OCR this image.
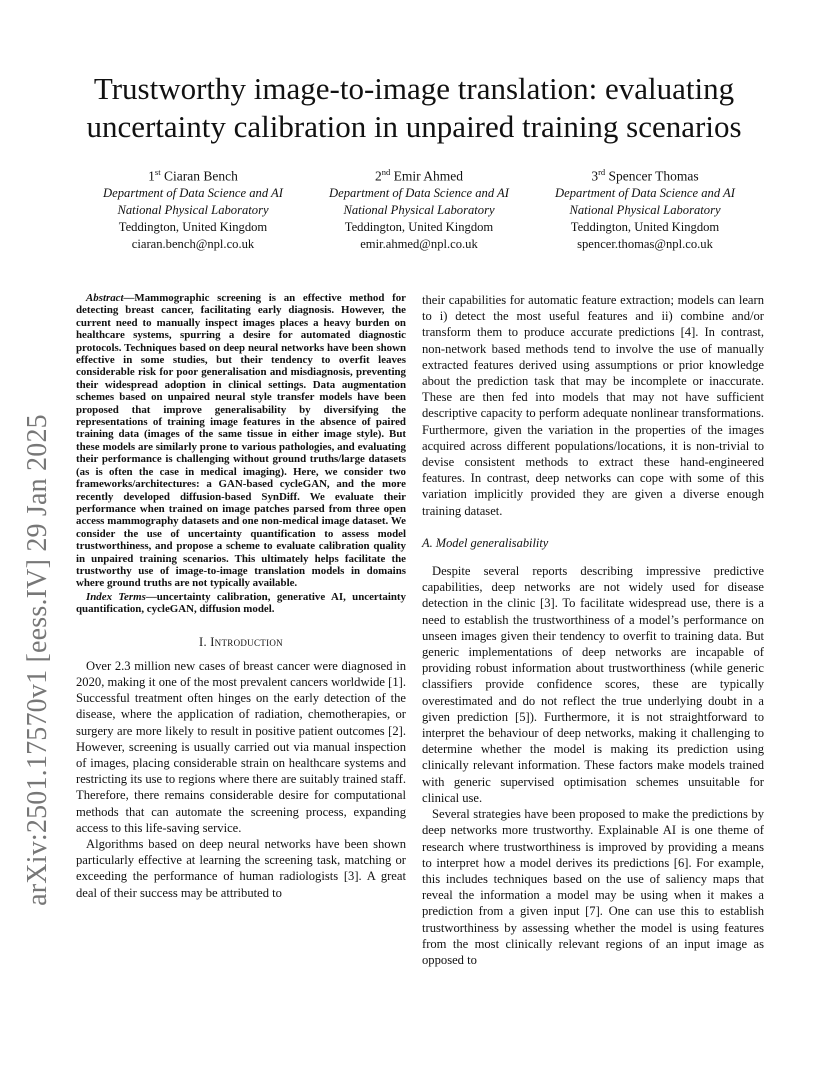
arXiv:2501.17570v1 [eess.IV] 29 Jan 2025
Trustworthy image-to-image translation: evaluating
uncertainty calibration in unpaired training scenarios
1st Ciaran Bench
Department of Data Science and AI
National Physical Laboratory
Teddington, United Kingdom
ciaran.bench@npl.co.uk
2nd Emir Ahmed
Department of Data Science and AI
National Physical Laboratory
Teddington, United Kingdom
emir.ahmed@npl.co.uk
3rd Spencer Thomas
Department of Data Science and AI
National Physical Laboratory
Teddington, United Kingdom
spencer.thomas@npl.co.uk

Abstract—Mammographic screening is an effective method for detecting breast cancer, facilitating early diagnosis. However, the current need to manually inspect images places a heavy burden on healthcare systems, spurring a desire for automated diagnostic protocols. Techniques based on deep neural networks have been shown effective in some studies, but their tendency to overfit leaves considerable risk for poor generalisation and misdiagnosis, preventing their widespread adoption in clinical settings. Data augmentation schemes based on unpaired neural style transfer models have been proposed that improve generalisability by diversifying the representations of training image features in the absence of paired training data (images of the same tissue in either image style). But these models are similarly prone to various pathologies, and evaluating their performance is challenging without ground truths/large datasets (as is often the case in medical imaging). Here, we consider two frameworks/architectures: a GAN-based cycleGAN, and the more recently developed diffusion-based SynDiff. We evaluate their performance when trained on image patches parsed from three open access mammography datasets and one non-medical image dataset. We consider the use of uncertainty quantification to assess model trustworthiness, and propose a scheme to evaluate calibration quality in unpaired training scenarios. This ultimately helps facilitate the trustworthy use of image-to-image translation models in domains where ground truths are not typically available.

Index Terms—uncertainty calibration, generative AI, uncertainty quantification, cycleGAN, diffusion model.
I. Introduction

Over 2.3 million new cases of breast cancer were diagnosed in 2020, making it one of the most prevalent cancers worldwide [1]. Successful treatment often hinges on the early detection of the disease, where the application of radiation, chemotherapies, or surgery are more likely to result in positive patient outcomes [2]. However, screening is usually carried out via manual inspection of images, placing considerable strain on healthcare systems and restricting its use to regions where there are suitably trained staff. Therefore, there remains considerable desire for computational methods that can automate the screening process, expanding access to this life-saving service.

Algorithms based on deep neural networks have been shown particularly effective at learning the screening task, matching or exceeding the performance of human radiologists [3]. A great deal of their success may be attributed to

their capabilities for automatic feature extraction; models can learn to i) detect the most useful features and ii) combine and/or transform them to produce accurate predictions [4]. In contrast, non-network based methods tend to involve the use of manually extracted features derived using assumptions or prior knowledge about the prediction task that may be incomplete or inaccurate. These are then fed into models that may not have sufficient descriptive capacity to perform adequate nonlinear transformations. Furthermore, given the variation in the properties of the images acquired across different populations/locations, it is non-trivial to devise consistent methods to extract these hand-engineered features. In contrast, deep networks can cope with some of this variation implicitly provided they are given a diverse enough training dataset.

A. Model generalisability

Despite several reports describing impressive predictive capabilities, deep networks are not widely used for disease detection in the clinic [3]. To facilitate widespread use, there is a need to establish the trustworthiness of a model’s performance on unseen images given their tendency to overfit to training data. But generic implementations of deep networks are incapable of providing robust information about trustworthiness (while generic classifiers provide confidence scores, these are typically overestimated and do not reflect the true underlying doubt in a given prediction [5]). Furthermore, it is not straightforward to interpret the behaviour of deep networks, making it challenging to determine whether the model is making its prediction using clinically relevant information. These factors make models trained with generic supervised optimisation schemes unsuitable for clinical use.

Several strategies have been proposed to make the predictions by deep networks more trustworthy. Explainable AI is one theme of research where trustworthiness is improved by providing a means to interpret how a model derives its predictions [6]. For example, this includes techniques based on the use of saliency maps that reveal the information a model may be using when it makes a prediction from a given input [7]. One can use this to establish trustworthiness by assessing whether the model is using features from the most clinically relevant regions of an input image as opposed to
